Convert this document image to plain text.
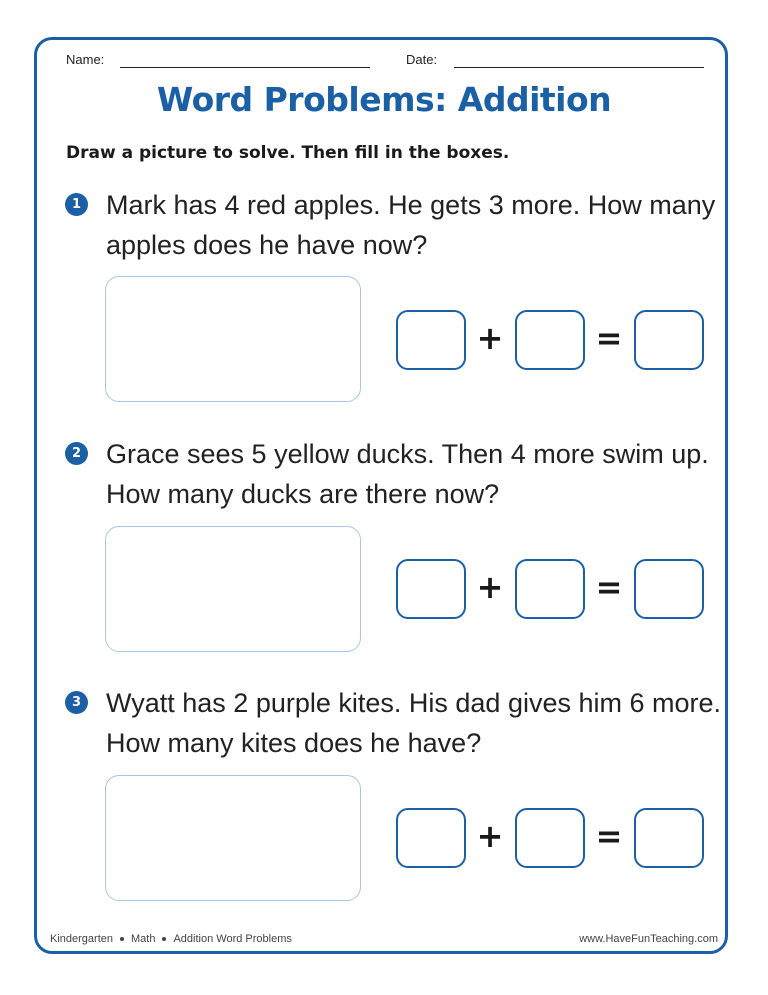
Name:	Date:
Word Problems: Addition
Draw a picture to solve. Then fill in the boxes.
1 Mark has 4 red apples. He gets 3 more. How many apples does he have now?
+	=
2 Grace sees 5 yellow ducks. Then 4 more swim up. How many ducks are there now?
+	=
3 Wyatt has 2 purple kites. His dad gives him 6 more. How many kites does he have?
+	=
Kindergarten Math Addition Word Problems	www.HaveFunTeaching.com
